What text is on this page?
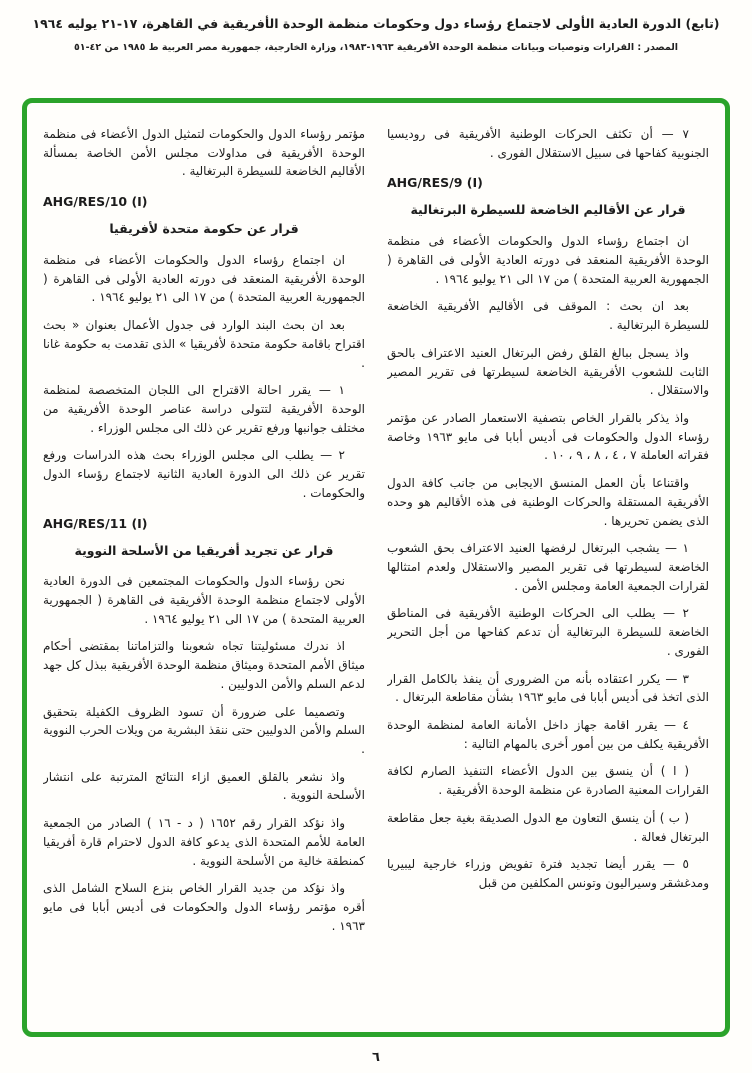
(تابع) الدورة العادية الأولى لاجتماع رؤساء دول وحكومات منظمة الوحدة الأفريقية في القاهرة، ١٧-٢١ يوليه ١٩٦٤
المصدر : القرارات وتوصيات وبيانات منظمة الوحدة الأفريقية ١٩٦٣-١٩٨٣، وزارة الخارجية، جمهورية مصر العربية ط ١٩٨٥ من ٤٢-٥١

٧ — أن تكثف الحركات الوطنية الأفريقية فى روديسيا الجنوبية كفاحها فى سبيل الاستقلال الفورى .

AHG/RES/9 (I)

قرار عن الأقاليم الخاضعة للسيطرة البرتغالية

ان اجتماع رؤساء الدول والحكومات الأعضاء فى منظمة الوحدة الأفريقية المنعقد فى دورته العادية الأولى فى القاهرة ( الجمهورية العربية المتحدة ) من ١٧ الى ٢١ يوليو ١٩٦٤ .

بعد ان بحث : الموقف فى الأقاليم الأفريقية الخاضعة للسيطرة البرتغالية .

واذ يسجل ببالغ القلق رفض البرتغال العنيد الاعتراف بالحق الثابت للشعوب الأفريقية الخاضعة لسيطرتها فى تقرير المصير والاستقلال .

واذ يذكر بالقرار الخاص بتصفية الاستعمار الصادر عن مؤتمر رؤساء الدول والحكومات فى أديس أبابا فى مايو ١٩٦٣ وخاصة فقراته العاملة ٧ ، ٤ ، ٨ ، ٩ ، ١٠ .

واقتناعا بأن العمل المنسق الايجابى من جانب كافة الدول الأفريقية المستقلة والحركات الوطنية فى هذه الأقاليم هو وحده الذى يضمن تحريرها .

١ — يشجب البرتغال لرفضها العنيد الاعتراف بحق الشعوب الخاضعة لسيطرتها فى تقرير المصير والاستقلال ولعدم امتثالها لقرارات الجمعية العامة ومجلس الأمن .

٢ — يطلب الى الحركات الوطنية الأفريقية فى المناطق الخاضعة للسيطرة البرتغالية أن تدعم كفاحها من أجل التحرير الفورى .

٣ — يكرر اعتقاده بأنه من الضرورى أن ينفذ بالكامل القرار الذى اتخذ فى أديس أبابا فى مايو ١٩٦٣ بشأن مقاطعة البرتغال .

٤ — يقرر اقامة جهاز داخل الأمانة العامة لمنظمة الوحدة الأفريقية يكلف من بين أمور أخرى بالمهام التالية :

( ا ) أن ينسق بين الدول الأعضاء التنفيذ الصارم لكافة القرارات المعنية الصادرة عن منظمة الوحدة الأفريقية .

( ب ) أن ينسق التعاون مع الدول الصديقة بغية جعل مقاطعة البرتغال فعالة .

٥ — يقرر أيضا تجديد فترة تفويض وزراء خارجية ليبيريا ومدغشقر وسيراليون وتونس المكلفين من قبل

مؤتمر رؤساء الدول والحكومات لتمثيل الدول الأعضاء فى منظمة الوحدة الأفريقية فى مداولات مجلس الأمن الخاصة بمسألة الأقاليم الخاضعة للسيطرة البرتغالية .

AHG/RES/10 (I)

قرار عن حكومة متحدة لأفريقيا

ان اجتماع رؤساء الدول والحكومات الأعضاء فى منظمة الوحدة الأفريقية المنعقد فى دورته العادية الأولى فى القاهرة ( الجمهورية العربية المتحدة ) من ١٧ الى ٢١ يوليو ١٩٦٤ .

بعد ان بحث البند الوارد فى جدول الأعمال بعنوان « بحث اقتراح باقامة حكومة متحدة لأفريقيا » الذى تقدمت به حكومة غانا .

١ — يقرر احالة الاقتراح الى اللجان المتخصصة لمنظمة الوحدة الأفريقية لتتولى دراسة عناصر الوحدة الأفريقية من مختلف جوانبها ورفع تقرير عن ذلك الى مجلس الوزراء .

٢ — يطلب الى مجلس الوزراء بحث هذه الدراسات ورفع تقرير عن ذلك الى الدورة العادية الثانية لاجتماع رؤساء الدول والحكومات .

AHG/RES/11 (I)

قرار عن تجريد أفريقيا من الأسلحة النووية

نحن رؤساء الدول والحكومات المجتمعين فى الدورة العادية الأولى لاجتماع منظمة الوحدة الأفريقية فى القاهرة ( الجمهورية العربية المتحدة ) من ١٧ الى ٢١ يوليو ١٩٦٤ .

اذ ندرك مسئوليتنا تجاه شعوبنا والتزاماتنا بمقتضى أحكام ميثاق الأمم المتحدة وميثاق منظمة الوحدة الأفريقية ببذل كل جهد لدعم السلم والأمن الدوليين .

وتصميما على ضرورة أن تسود الظروف الكفيلة بتحقيق السلم والأمن الدوليين حتى ننقذ البشرية من ويلات الحرب النووية .

واذ نشعر بالقلق العميق ازاء النتائج المترتبة على انتشار الأسلحة النووية .

واذ نؤكد القرار رقم ١٦٥٢ ( د - ١٦ ) الصادر من الجمعية العامة للأمم المتحدة الذى يدعو كافة الدول لاحترام قارة أفريقيا كمنطقة خالية من الأسلحة النووية .

واذ نؤكد من جديد القرار الخاص بنزع السلاح الشامل الذى أقره مؤتمر رؤساء الدول والحكومات فى أديس أبابا فى مايو ١٩٦٣ .

٦
